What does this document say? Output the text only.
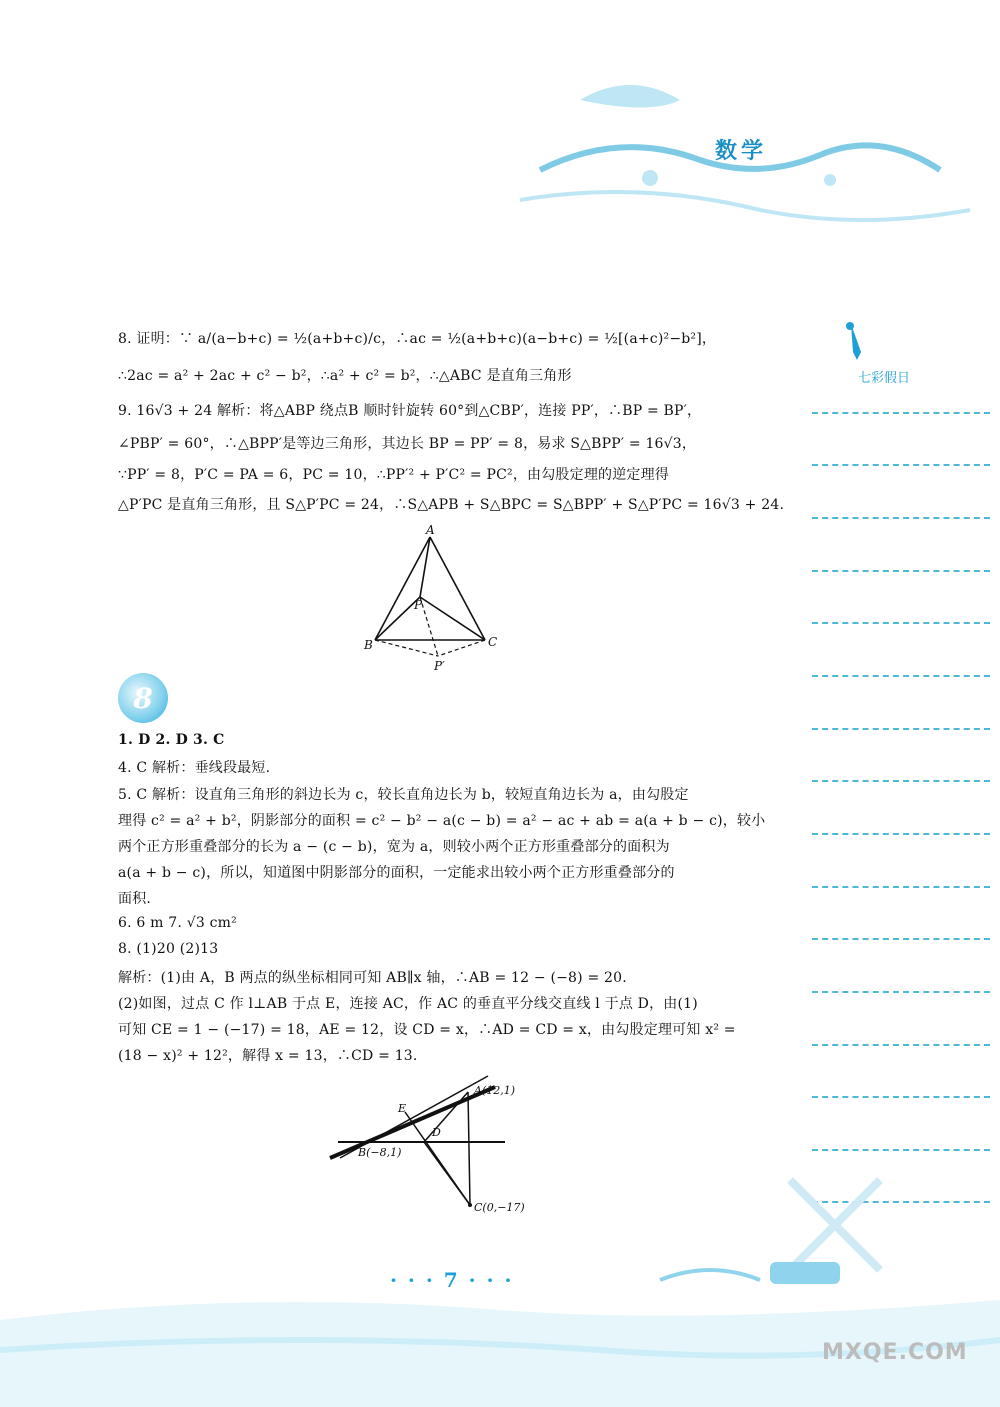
数学
七彩假日
8. 证明：∵ a/(a−b+c) = ½(a+b+c)/c，∴ac = ½(a+b+c)(a−b+c) = ½[(a+c)²−b²]，
∴2ac = a² + 2ac + c² − b²，∴a² + c² = b²，∴△ABC 是直角三角形
9. 16√3 + 24 解析：将△ABP 绕点B 顺时针旋转 60°到△CBP′，连接 PP′，∴BP = BP′，
∠PBP′ = 60°，∴△BPP′是等边三角形，其边长 BP = PP′ = 8，易求 S△BPP′ = 16√3，
∵PP′ = 8，P′C = PA = 6，PC = 10，∴PP′² + P′C² = PC²，由勾股定理的逆定理得
△P′PC 是直角三角形，且 S△P′PC = 24，∴S△APB + S△BPC = S△BPP′ + S△P′PC = 16√3 + 24.
A
B	C
P
P′
8
1. D 2. D 3. C
4. C 解析：垂线段最短.
5. C 解析：设直角三角形的斜边长为 c，较长直角边长为 b，较短直角边长为 a，由勾股定
理得 c² = a² + b²，阴影部分的面积 = c² − b² − a(c − b) = a² − ac + ab = a(a + b − c)，较小
两个正方形重叠部分的长为 a − (c − b)，宽为 a，则较小两个正方形重叠部分的面积为
a(a + b − c)，所以，知道图中阴影部分的面积，一定能求出较小两个正方形重叠部分的
面积.
6. 6 m 7. √3 cm²
8. (1)20 (2)13
解析：(1)由 A，B 两点的纵坐标相同可知 AB∥x 轴，∴AB = 12 − (−8) = 20.
(2)如图，过点 C 作 l⊥AB 于点 E，连接 AC，作 AC 的垂直平分线交直线 l 于点 D，由(1)
可知 CE = 1 − (−17) = 18，AE = 12，设 CD = x，∴AD = CD = x，由勾股定理可知 x² =
(18 − x)² + 12²，解得 x = 13，∴CD = 13.
A(12,1)
B(−8,1)
C(0,−17)
D
E
· · · 7 · · ·
MXQE.COM
